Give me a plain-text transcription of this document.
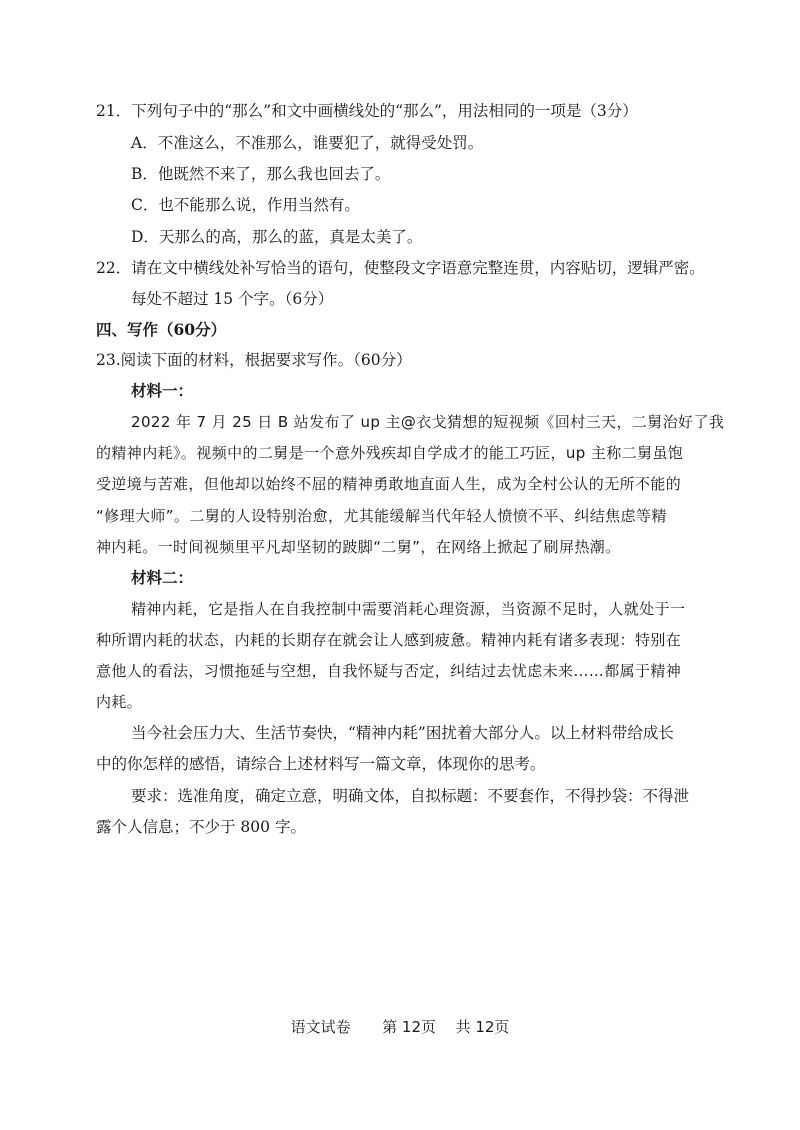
21．下列句子中的“那么”和文中画横线处的“那么”，用法相同的一项是（3分）
A．不准这么，不准那么，谁要犯了，就得受处罚。
B．他既然不来了，那么我也回去了。
C．也不能那么说，作用当然有。
D．天那么的高，那么的蓝，真是太美了。
22．请在文中横线处补写恰当的语句，使整段文字语意完整连贯，内容贴切，逻辑严密。
每处不超过 15 个字。（6分）
四、写作（60分）
23.阅读下面的材料，根据要求写作。（60分）
材料一：
2022 年 7 月 25 日 B 站发布了 up 主@衣戈猜想的短视频《回村三天，二舅治好了我
的精神内耗》。视频中的二舅是一个意外残疾却自学成才的能工巧匠，up 主称二舅虽饱
受逆境与苦难，但他却以始终不屈的精神勇敢地直面人生，成为全村公认的无所不能的
“修理大师”。二舅的人设特别治愈，尤其能缓解当代年轻人愤愤不平、纠结焦虑等精
神内耗。一时间视频里平凡却坚韧的跛脚“二舅”，在网络上掀起了刷屏热潮。
材料二：
精神内耗，它是指人在自我控制中需要消耗心理资源，当资源不足时，人就处于一
种所谓内耗的状态，内耗的长期存在就会让人感到疲惫。精神内耗有诸多表现：特别在
意他人的看法，习惯拖延与空想，自我怀疑与否定，纠结过去忧虑未来……都属于精神
内耗。
当今社会压力大、生活节奏快，“精神内耗”困扰着大部分人。以上材料带给成长
中的你怎样的感悟，请综合上述材料写一篇文章，体现你的思考。
要求：选准角度，确定立意，明确文体，自拟标题：不要套作，不得抄袋：不得泄
露个人信息；不少于 800 字。
语文试卷 第 12页 共 12页
